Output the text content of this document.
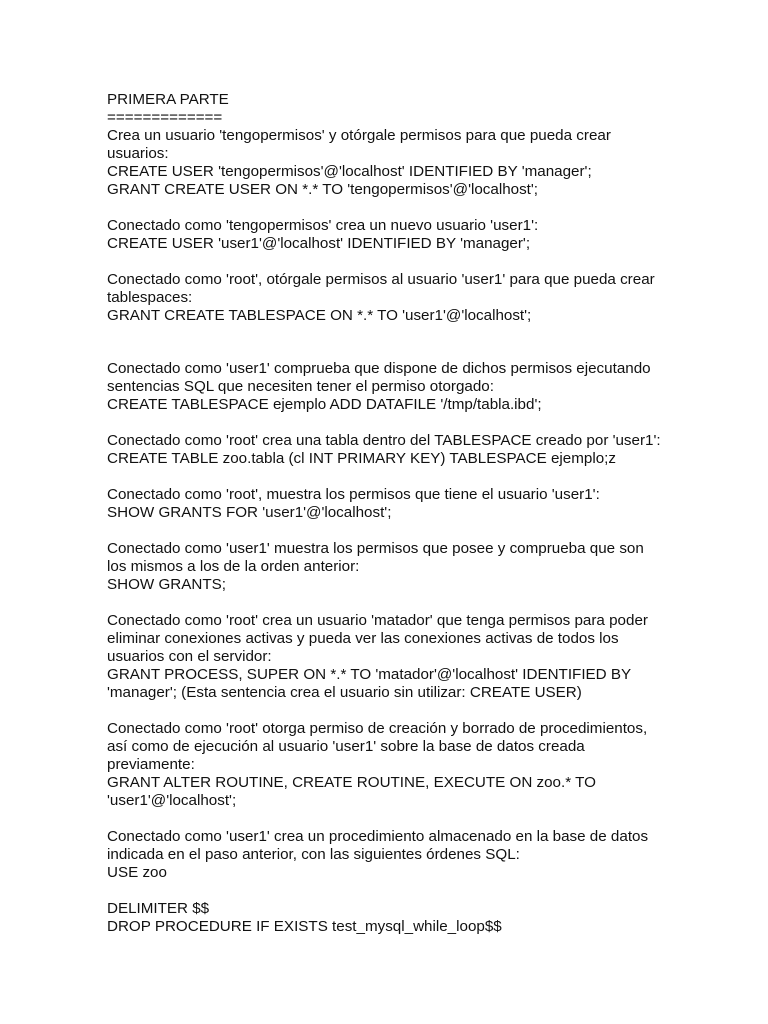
PRIMERA PARTE
=============
Crea un usuario 'tengopermisos' y otórgale permisos para que pueda crear
usuarios:
CREATE USER 'tengopermisos'@'localhost' IDENTIFIED BY 'manager';
GRANT CREATE USER ON *.* TO 'tengopermisos'@'localhost';
Conectado como 'tengopermisos' crea un nuevo usuario 'user1':
CREATE USER 'user1'@'localhost' IDENTIFIED BY 'manager';
Conectado como 'root', otórgale permisos al usuario 'user1' para que pueda crear
tablespaces:
GRANT CREATE TABLESPACE ON *.* TO 'user1'@'localhost';
Conectado como 'user1' comprueba que dispone de dichos permisos ejecutando
sentencias SQL que necesiten tener el permiso otorgado:
CREATE TABLESPACE ejemplo ADD DATAFILE '/tmp/tabla.ibd';
Conectado como 'root' crea una tabla dentro del TABLESPACE creado por 'user1':
CREATE TABLE zoo.tabla (cl INT PRIMARY KEY) TABLESPACE ejemplo;z
Conectado como 'root', muestra los permisos que tiene el usuario 'user1':
SHOW GRANTS FOR 'user1'@'localhost';
Conectado como 'user1' muestra los permisos que posee y comprueba que son
los mismos a los de la orden anterior:
SHOW GRANTS;
Conectado como 'root' crea un usuario 'matador' que tenga permisos para poder
eliminar conexiones activas y pueda ver las conexiones activas de todos los
usuarios con el servidor:
GRANT PROCESS, SUPER ON *.* TO 'matador'@'localhost' IDENTIFIED BY
'manager'; (Esta sentencia crea el usuario sin utilizar: CREATE USER)
Conectado como 'root' otorga permiso de creación y borrado de procedimientos,
así como de ejecución al usuario 'user1' sobre la base de datos creada
previamente:
GRANT ALTER ROUTINE, CREATE ROUTINE, EXECUTE ON zoo.* TO
'user1'@'localhost';
Conectado como 'user1' crea un procedimiento almacenado en la base de datos
indicada en el paso anterior, con las siguientes órdenes SQL:
USE zoo
DELIMITER $$
DROP PROCEDURE IF EXISTS test_mysql_while_loop$$
